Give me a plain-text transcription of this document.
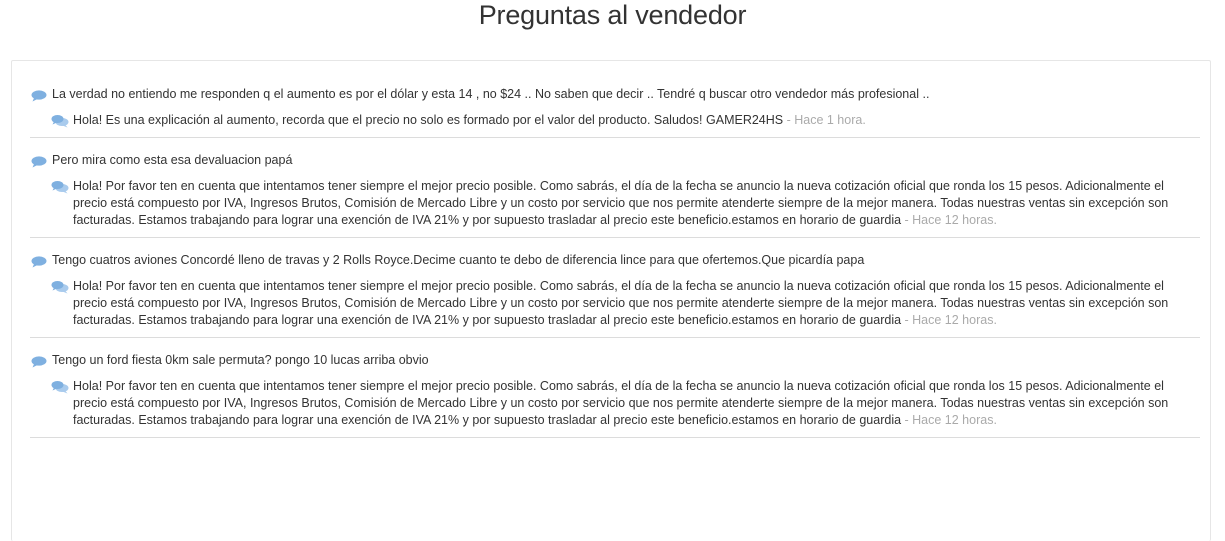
Preguntas al vendedor
La verdad no entiendo me responden q el aumento es por el dólar y esta 14 , no $24 .. No saben que decir .. Tendré q buscar otro vendedor más profesional ..
Hola! Es una explicación al aumento, recorda que el precio no solo es formado por el valor del producto. Saludos! GAMER24HS - Hace 1 hora.
Pero mira como esta esa devaluacion papá
Hola! Por favor ten en cuenta que intentamos tener siempre el mejor precio posible. Como sabrás, el día de la fecha se anuncio la nueva cotización oficial que ronda los 15 pesos. Adicionalmente el precio está compuesto por IVA, Ingresos Brutos, Comisión de Mercado Libre y un costo por servicio que nos permite atenderte siempre de la mejor manera. Todas nuestras ventas sin excepción son facturadas. Estamos trabajando para lograr una exención de IVA 21% y por supuesto trasladar al precio este beneficio.estamos en horario de guardia - Hace 12 horas.
Tengo cuatros aviones Concordé lleno de travas y 2 Rolls Royce.Decime cuanto te debo de diferencia lince para que ofertemos.Que picardía papa
Hola! Por favor ten en cuenta que intentamos tener siempre el mejor precio posible. Como sabrás, el día de la fecha se anuncio la nueva cotización oficial que ronda los 15 pesos. Adicionalmente el precio está compuesto por IVA, Ingresos Brutos, Comisión de Mercado Libre y un costo por servicio que nos permite atenderte siempre de la mejor manera. Todas nuestras ventas sin excepción son facturadas. Estamos trabajando para lograr una exención de IVA 21% y por supuesto trasladar al precio este beneficio.estamos en horario de guardia - Hace 12 horas.
Tengo un ford fiesta 0km sale permuta? pongo 10 lucas arriba obvio
Hola! Por favor ten en cuenta que intentamos tener siempre el mejor precio posible. Como sabrás, el día de la fecha se anuncio la nueva cotización oficial que ronda los 15 pesos. Adicionalmente el precio está compuesto por IVA, Ingresos Brutos, Comisión de Mercado Libre y un costo por servicio que nos permite atenderte siempre de la mejor manera. Todas nuestras ventas sin excepción son facturadas. Estamos trabajando para lograr una exención de IVA 21% y por supuesto trasladar al precio este beneficio.estamos en horario de guardia - Hace 12 horas.
